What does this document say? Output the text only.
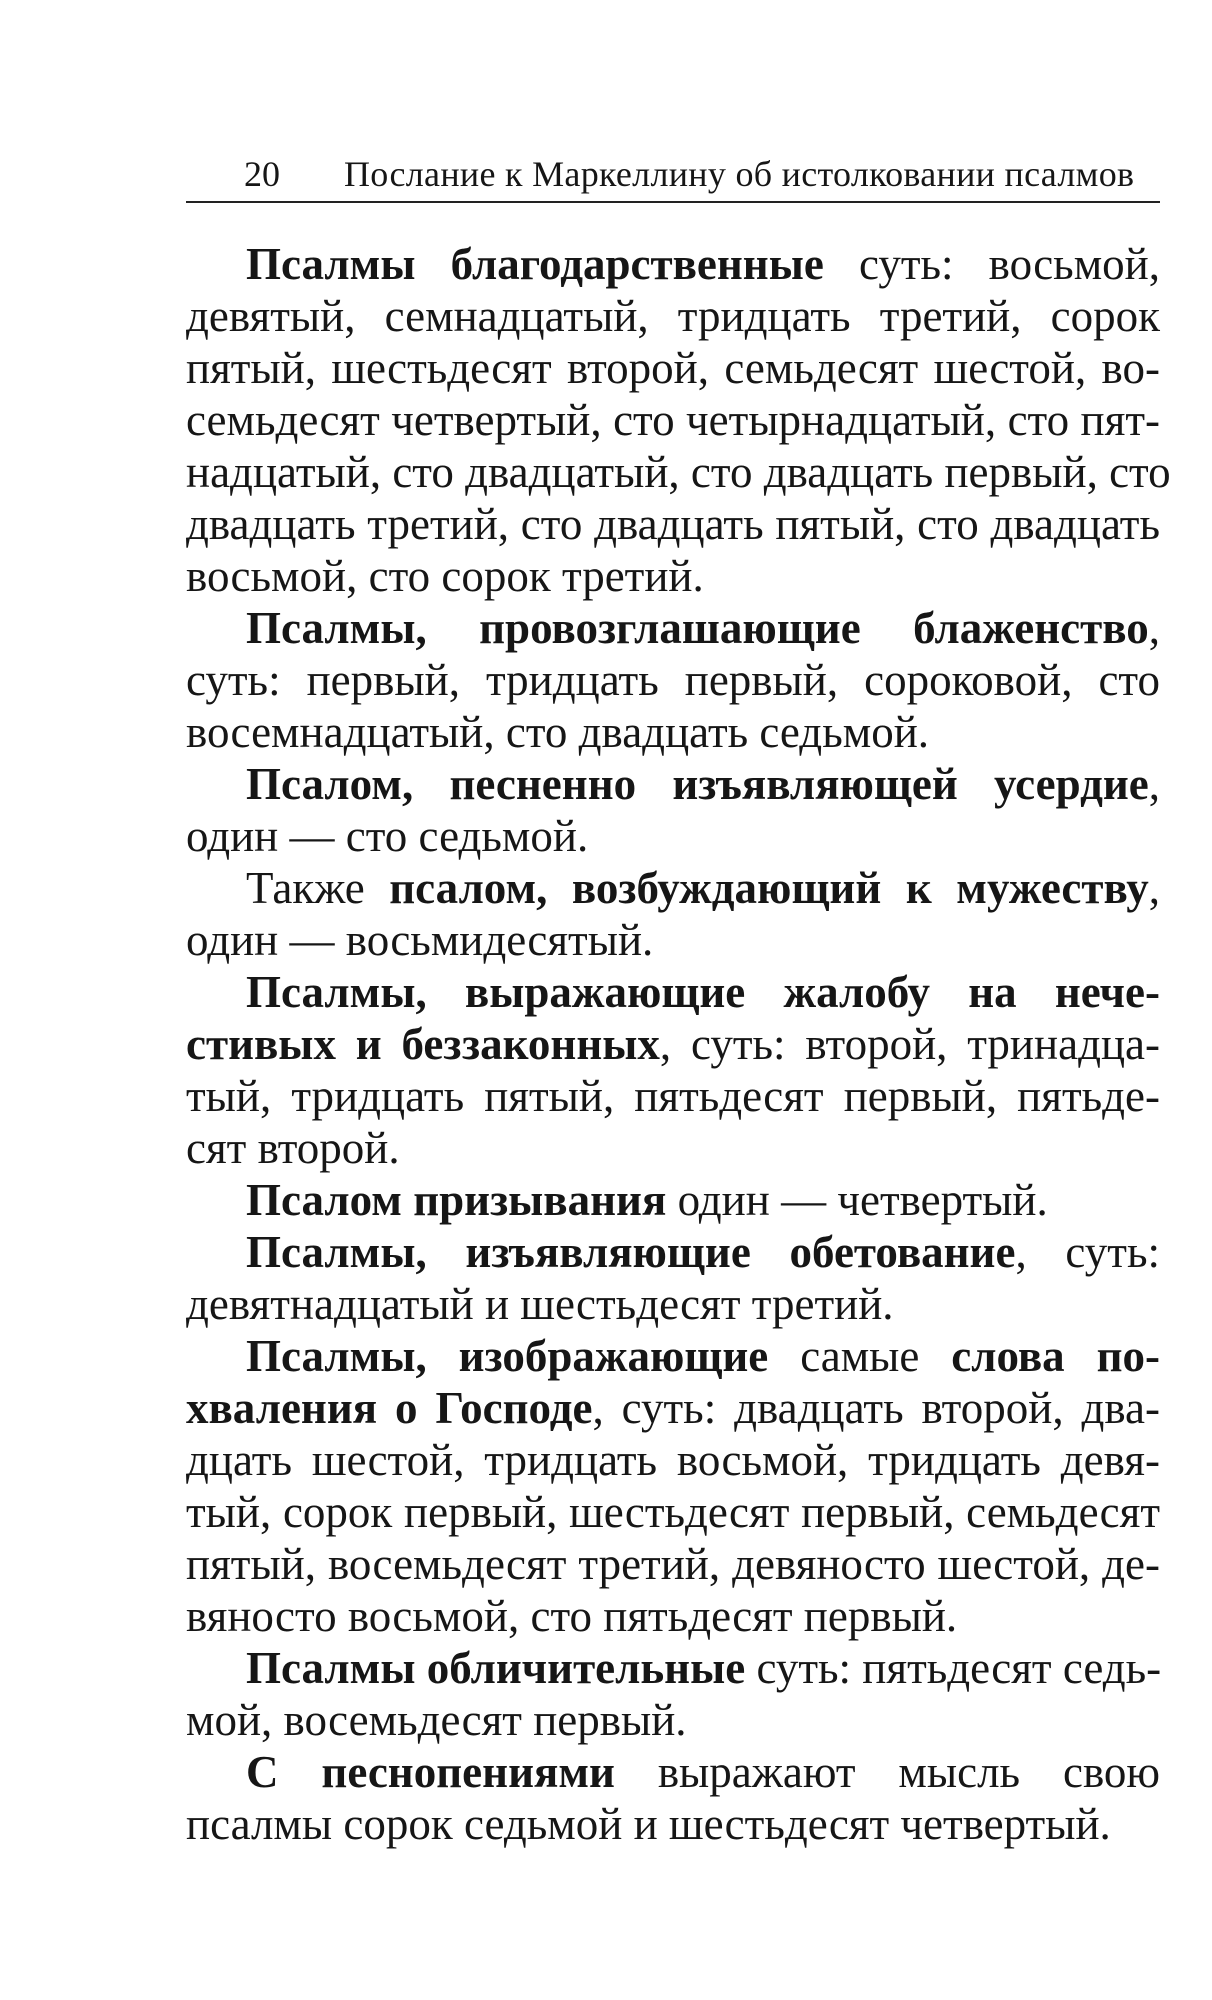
20 Послание к Маркеллину об истолковании псалмов
Псалмы благодарственные суть: восьмой,
девятый, семнадцатый, тридцать третий, сорок
пятый, шестьдесят второй, семьдесят шестой, во-
семьдесят четвертый, сто четырнадцатый, сто пят-
надцатый, сто двадцатый, сто двадцать первый, сто
двадцать третий, сто двадцать пятый, сто двадцать
восьмой, сто сорок третий.
Псалмы, провозглашающие блаженство,
суть: первый, тридцать первый, сороковой, сто
восемнадцатый, сто двадцать седьмой.
Псалом, песненно изъявляющей усердие,
один — сто седьмой.
Также псалом, возбуждающий к мужеству,
один — восьмидесятый.
Псалмы, выражающие жалобу на нече-
стивых и беззаконных, суть: второй, тринадца-
тый, тридцать пятый, пятьдесят первый, пятьде-
сят второй.
Псалом призывания один — четвертый.
Псалмы, изъявляющие обетование, суть:
девятнадцатый и шестьдесят третий.
Псалмы, изображающие самые слова по-
хваления о Господе, суть: двадцать второй, два-
дцать шестой, тридцать восьмой, тридцать девя-
тый, сорок первый, шестьдесят первый, семьдесят
пятый, восемьдесят третий, девяносто шестой, де-
вяносто восьмой, сто пятьдесят первый.
Псалмы обличительные суть: пятьдесят седь-
мой, восемьдесят первый.
С песнопениями выражают мысль свою
псалмы сорок седьмой и шестьдесят четвертый.
